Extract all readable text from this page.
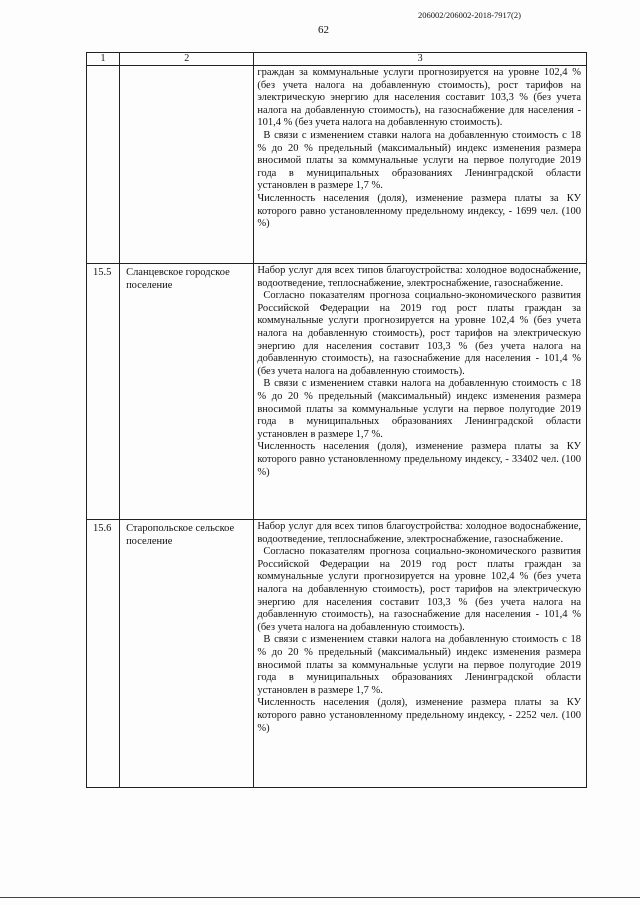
206002/206002-2018-7917(2)
62
1	2	3

		граждан за коммунальные услуги прогнозируется на уровне 102,4 % (без учета налога на добавленную стоимость), рост тарифов на электрическую энергию для населения составит 103,3 % (без учета налога на добавленную стоимость), на газоснабжение для населения - 101,4 % (без учета налога на добавленную стоимость).

В связи с изменением ставки налога на добавленную стоимость с 18 % до 20 % предельный (максимальный) индекс изменения размера вносимой платы за коммунальные услуги на первое полугодие 2019 года в муниципальных образованиях Ленинградской области установлен в размере 1,7 %.

Численность населения (доля), изменение размера платы за КУ которого равно установленному предельному индексу, - 1699 чел. (100 %)

15.5	Сланцевское городское поселение	Набор услуг для всех типов благоустройства: холодное водоснабжение, водоотведение, теплоснабжение, электроснабжение, газоснабжение.

Согласно показателям прогноза социально-экономического развития Российской Федерации на 2019 год рост платы граждан за коммунальные услуги прогнозируется на уровне 102,4 % (без учета налога на добавленную стоимость), рост тарифов на электрическую энергию для населения составит 103,3 % (без учета налога на добавленную стоимость), на газоснабжение для населения - 101,4 % (без учета налога на добавленную стоимость).

В связи с изменением ставки налога на добавленную стоимость с 18 % до 20 % предельный (максимальный) индекс изменения размера вносимой платы за коммунальные услуги на первое полугодие 2019 года в муниципальных образованиях Ленинградской области установлен в размере 1,7 %.

Численность населения (доля), изменение размера платы за КУ которого равно установленному предельному индексу, - 33402 чел. (100 %)

15.6	Старопольское сельское поселение	Набор услуг для всех типов благоустройства: холодное водоснабжение, водоотведение, теплоснабжение, электроснабжение, газоснабжение.

Согласно показателям прогноза социально-экономического развития Российской Федерации на 2019 год рост платы граждан за коммунальные услуги прогнозируется на уровне 102,4 % (без учета налога на добавленную стоимость), рост тарифов на электрическую энергию для населения составит 103,3 % (без учета налога на добавленную стоимость), на газоснабжение для населения - 101,4 % (без учета налога на добавленную стоимость).

В связи с изменением ставки налога на добавленную стоимость с 18 % до 20 % предельный (максимальный) индекс изменения размера вносимой платы за коммунальные услуги на первое полугодие 2019 года в муниципальных образованиях Ленинградской области установлен в размере 1,7 %.

Численность населения (доля), изменение размера платы за КУ которого равно установленному предельному индексу, - 2252 чел. (100 %)
